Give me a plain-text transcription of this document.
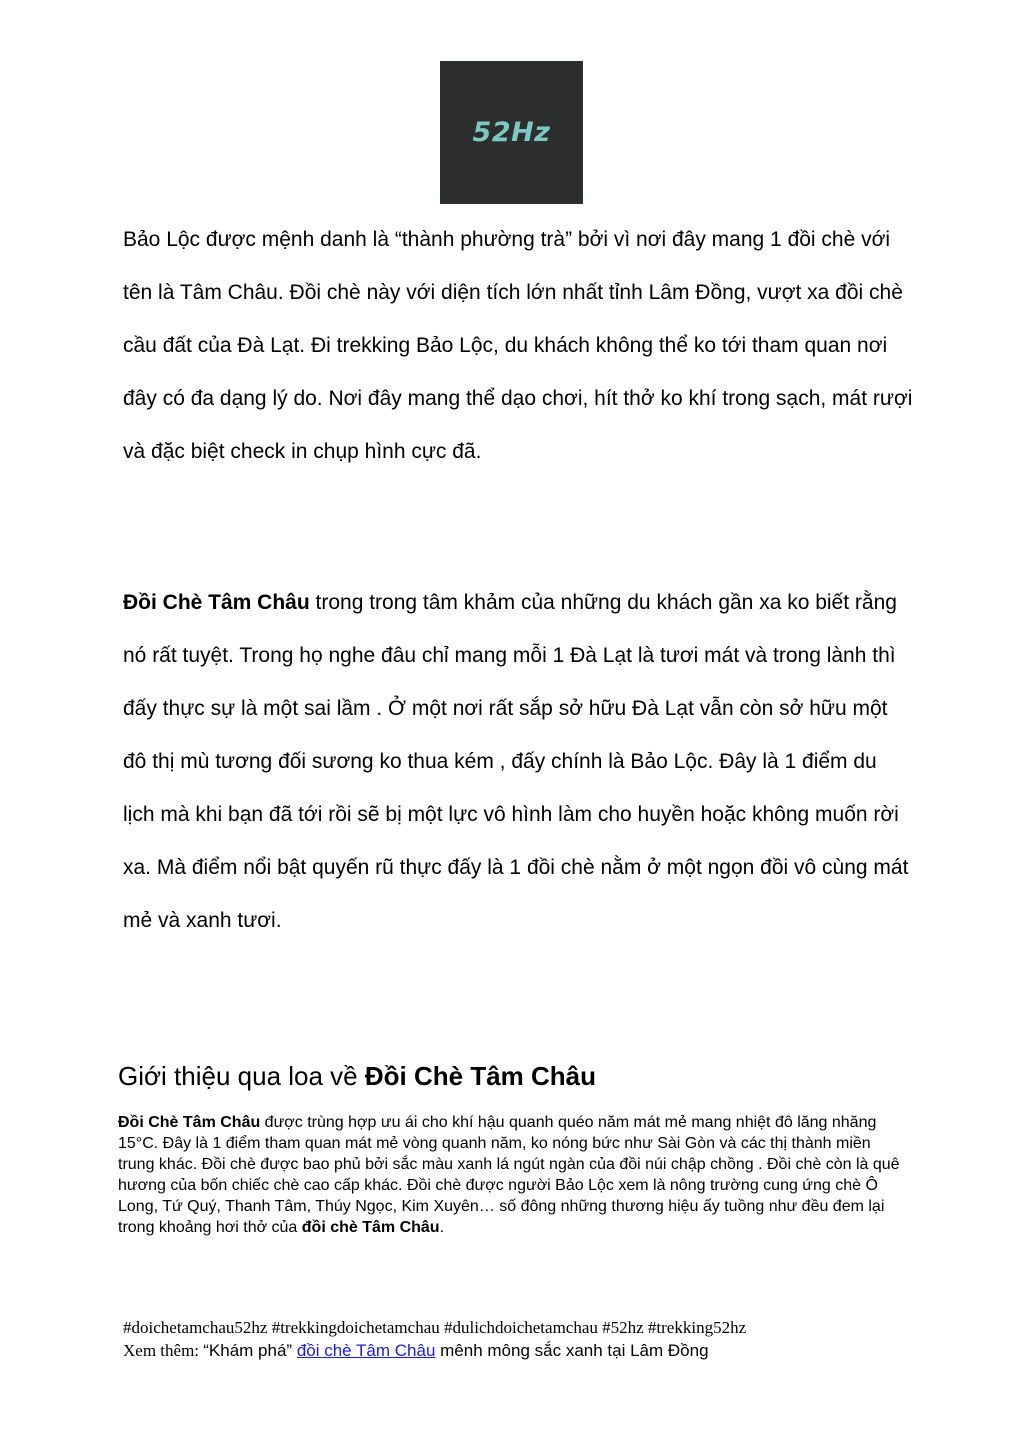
52Hz

Bảo Lộc được mệnh danh là “thành phường trà” bởi vì nơi đây mang 1 đồi chè với tên là Tâm Châu. Đồi chè này với diện tích lớn nhất tỉnh Lâm Đồng, vượt xa đồi chè cầu đất của Đà Lạt. Đi trekking Bảo Lộc, du khách không thể ko tới tham quan nơi đây có đa dạng lý do. Nơi đây mang thể dạo chơi, hít thở ko khí trong sạch, mát rượi và đặc biệt check in chụp hình cực đã.

Đồi Chè Tâm Châu trong trong tâm khảm của những du khách gần xa ko biết rằng nó rất tuyệt. Trong họ nghe đâu chỉ mang mỗi 1 Đà Lạt là tươi mát và trong lành thì đấy thực sự là một sai lầm . Ở một nơi rất sắp sở hữu Đà Lạt vẫn còn sở hữu một đô thị mù tương đối sương ko thua kém , đấy chính là Bảo Lộc. Đây là 1 điểm du lịch mà khi bạn đã tới rồi sẽ bị một lực vô hình làm cho huyền hoặc không muốn rời xa. Mà điểm nổi bật quyến rũ thực đấy là 1 đồi chè nằm ở một ngọn đồi vô cùng mát mẻ và xanh tươi.

Giới thiệu qua loa về Đồi Chè Tâm Châu

Đồi Chè Tâm Châu được trùng hợp ưu ái cho khí hậu quanh quéo năm mát mẻ mang nhiệt đô lăng nhăng 15°C. Đây là 1 điểm tham quan mát mẻ vòng quanh năm, ko nóng bức như Sài Gòn và các thị thành miền trung khác. Đồi chè được bao phủ bởi sắc màu xanh lá ngút ngàn của đồi núi chập chồng . Đồi chè còn là quê hương của bốn chiếc chè cao cấp khác. Đồi chè được người Bảo Lộc xem là nông trường cung ứng chè Ô Long, Tứ Quý, Thanh Tâm, Thúy Ngọc, Kim Xuyên… số đông những thương hiệu ấy tuồng như đều đem lại trong khoảng hơi thở của đồi chè Tâm Châu.

#doichetamchau52hz #trekkingdoichetamchau #dulichdoichetamchau #52hz #trekking52hz
Xem thêm: “Khám phá” đồi chè Tâm Châu mênh mông sắc xanh tại Lâm Đồng
